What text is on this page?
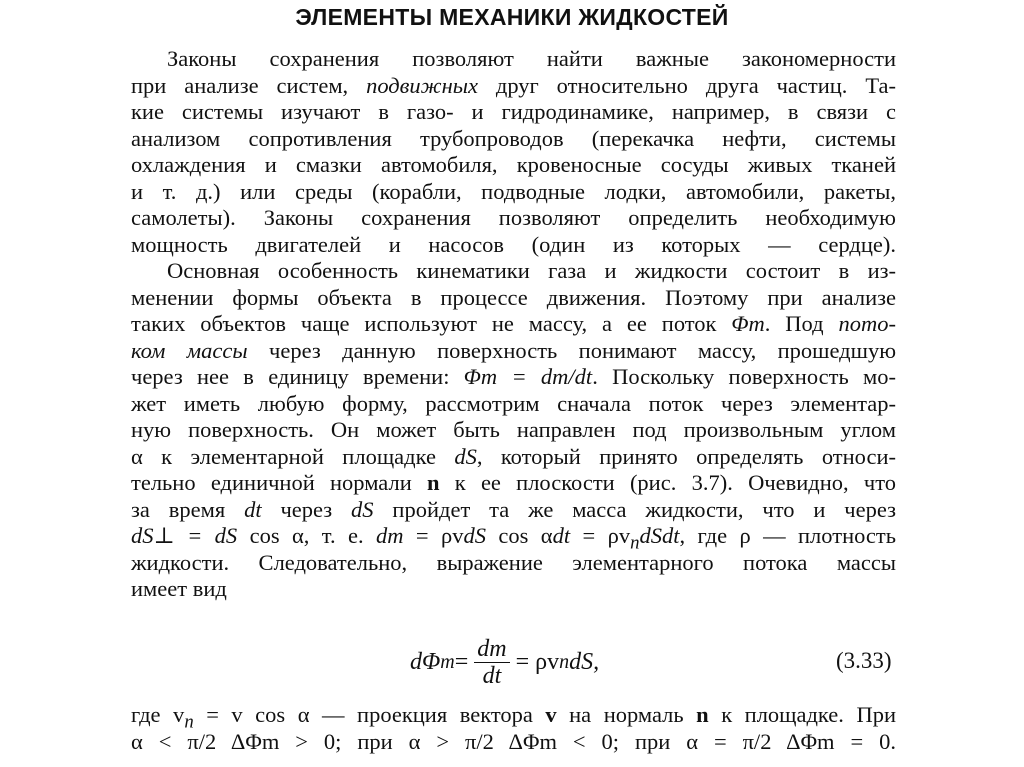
ЭЛЕМЕНТЫ МЕХАНИКИ ЖИДКОСТЕЙ
Законы сохранения позволяют найти важные закономерности
при анализе систем, подвижных друг относительно друга частиц. Та-
кие системы изучают в газо- и гидродинамике, например, в связи с
анализом сопротивления трубопроводов (перекачка нефти, системы
охлаждения и смазки автомобиля, кровеносные сосуды живых тканей
и т. д.) или среды (корабли, подводные лодки, автомобили, ракеты,
самолеты). Законы сохранения позволяют определить необходимую
мощность двигателей и насосов (один из которых — сердце).
Основная особенность кинематики газа и жидкости состоит в из-
менении формы объекта в процессе движения. Поэтому при анализе
таких объектов чаще используют не массу, а ее поток Φm. Под пото-
ком массы через данную поверхность понимают массу, прошедшую
через нее в единицу времени: Φm = dm/dt. Поскольку поверхность мо-
жет иметь любую форму, рассмотрим сначала поток через элементар-
ную поверхность. Он может быть направлен под произвольным углом
α к элементарной площадке dS, который принято определять относи-
тельно единичной нормали n к ее плоскости (рис. 3.7). Очевидно, что
за время dt через dS пройдет та же масса жидкости, что и через
dS⊥ = dS cos α, т. е. dm = ρvdS $\cos \alpha dt = \rho v_ndSdt$, где ρ — плотность
жидкости. Следовательно, выражение элементарного потока массы
имеет вид
dΦ $m = \frac{dm}{dt} = \rho v$ n dS,	(3.33)
где $v_n = v$ cos α — проекция вектора v на нормаль n к площадке. При
α < π/2 ΔΦm > 0; при α > π/2 ΔΦm < 0; при α = π/2 ΔΦm = 0.
